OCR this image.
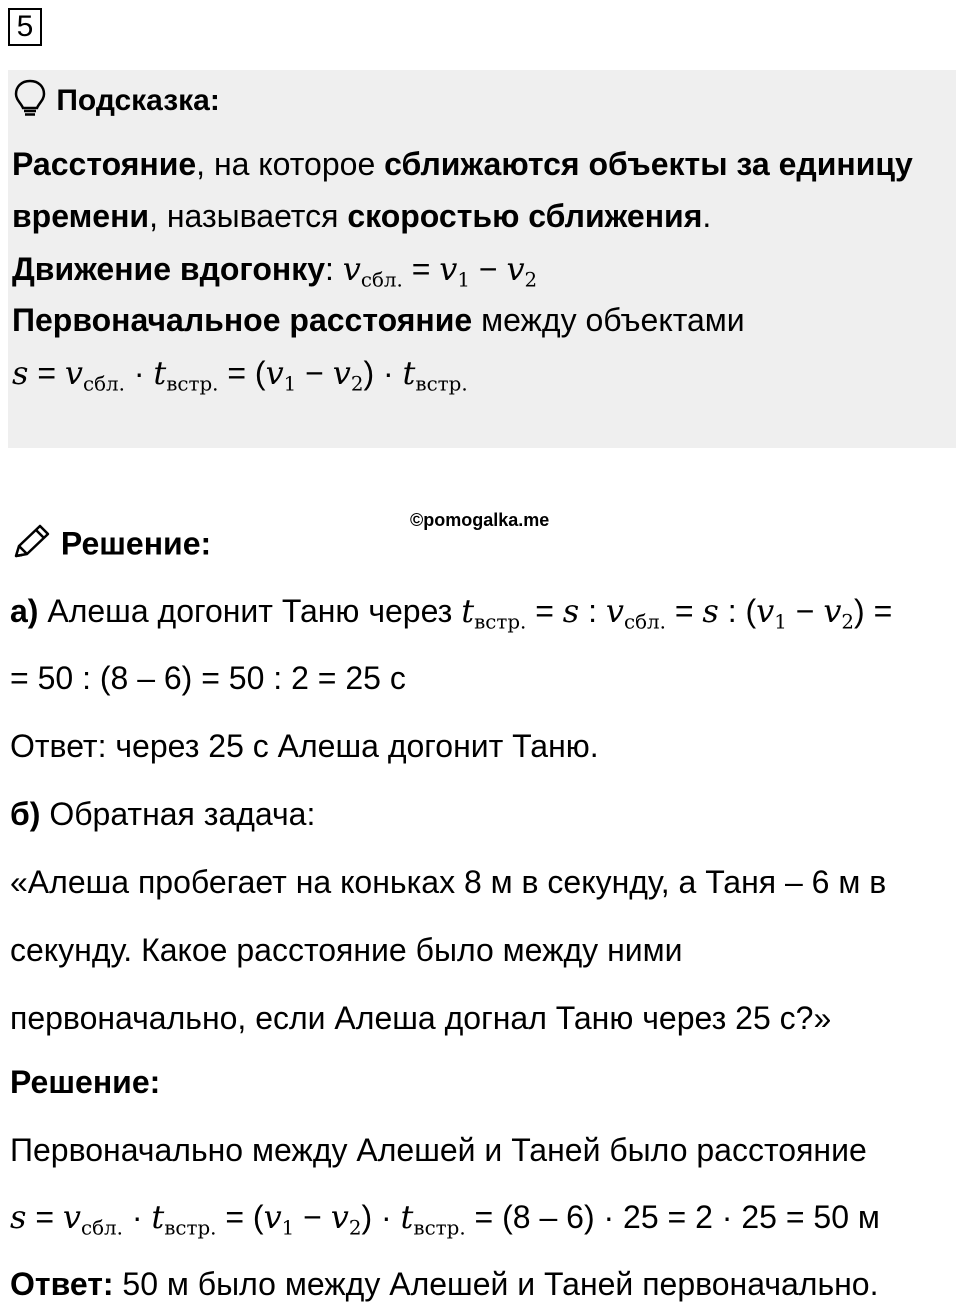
5
Подсказка:
Расстояние, на которое сближаются объекты за единицу
времени, называется скоростью сближения.
Движение вдогонку: $v_{сбл.} = v_1 - v_2$
Первоначальное расстояние между объектами
$s = v_{сбл.} \cdot t_{встр.} = (v_1 - v_2) \cdot t_{встр.}$
©pomogalka.me
Решение:
а) Алеша догонит Таню через $t_{встр.} = s$ : $v_{сбл.} = s$ : $(v_1 - v_2)$ =
= 50 : (8 – 6) = 50 : 2 = 25 с
Ответ: через 25 с Алеша догонит Таню.
б) Обратная задача:
«Алеша пробегает на коньках 8 м в секунду, а Таня – 6 м в
секунду. Какое расстояние было между ними
первоначально, если Алеша догнал Таню через 25 с?»
Решение:
Первоначально между Алешей и Таней было расстояние
$s = v_{сбл.} \cdot t_{встр.} = (v_1 - v_2) \cdot t_{встр.} = (8 - 6) \cdot 25 = 2 \cdot 25 = 50$ м
Ответ: 50 м было между Алешей и Таней первоначально.
